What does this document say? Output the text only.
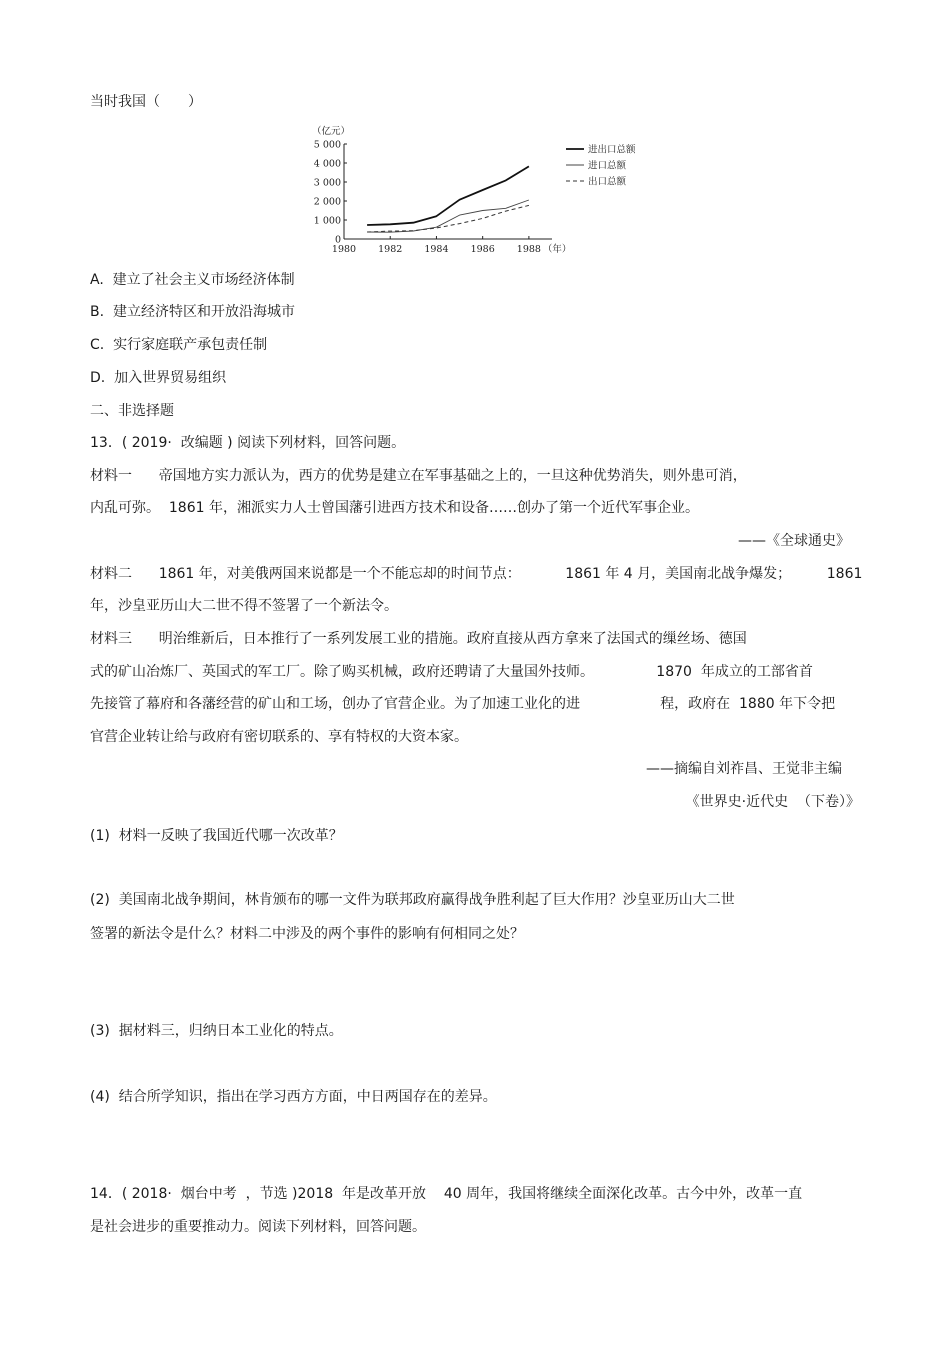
当时我国（　　）
（亿元）
0
1 000
2 000
3 000
4 000
5 000
1980 1982 1984 1986 1988 （年）
进出口总额
进口总额
出口总额
A.  建立了社会主义市场经济体制
B.  建立经济特区和开放沿海城市
C.  实行家庭联产承包责任制
D.  加入世界贸易组织
二、非选择题
13．( 2019·  改编题 ) 阅读下列材料，回答问题。
材料一      帝国地方实力派认为，西方的优势是建立在军事基础之上的，一旦这种优势消失，则外患可消，
内乱可弥。  1861 年，湘派实力人士曾国藩引进西方技术和设备……创办了第一个近代军事企业。
——《全球通史》
材料二      1861 年，对美俄两国来说都是一个不能忘却的时间节点：          1861 年 4 月，美国南北战争爆发；        1861
年，沙皇亚历山大二世不得不签署了一个新法令。
材料三      明治维新后，日本推行了一系列发展工业的措施。政府直接从西方拿来了法国式的缫丝场、德国
式的矿山冶炼厂、英国式的军工厂。除了购买机械，政府还聘请了大量国外技师。              1870  年成立的工部省首
先接管了幕府和各藩经营的矿山和工场，创办了官营企业。为了加速工业化的进                  程，政府在  1880 年下令把
官营企业转让给与政府有密切联系的、享有特权的大资本家。
——摘编自刘祚昌、王觉非主编
《世界史·近代史  （下卷）》
(1)  材料一反映了我国近代哪一次改革？
(2)  美国南北战争期间，林肯颁布的哪一文件为联邦政府赢得战争胜利起了巨大作用？沙皇亚历山大二世
签署的新法令是什么？材料二中涉及的两个事件的影响有何相同之处？
(3)  据材料三，归纳日本工业化的特点。
(4)  结合所学知识，指出在学习西方方面，中日两国存在的差异。
14．( 2018·  烟台中考  ，节选 )2018  年是改革开放    40 周年，我国将继续全面深化改革。古今中外，改革一直
是社会进步的重要推动力。阅读下列材料，回答问题。
